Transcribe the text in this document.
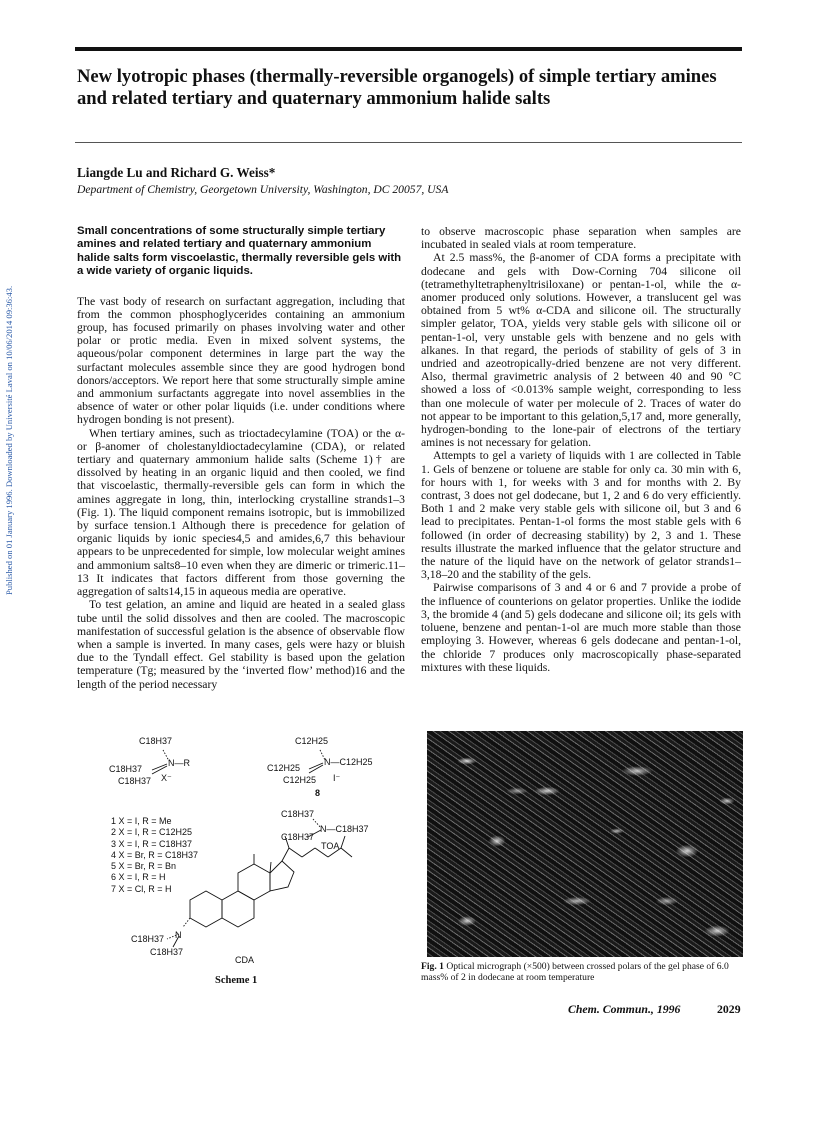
Published on 01 January 1996. Downloaded by Université Laval on 10/06/2014 09:36:43.
New lyotropic phases (thermally-reversible organogels) of simple tertiary amines and related tertiary and quaternary ammonium halide salts
Liangde Lu and Richard G. Weiss*
Department of Chemistry, Georgetown University, Washington, DC 20057, USA

Small concentrations of some structurally simple tertiary amines and related tertiary and quaternary ammonium halide salts form viscoelastic, thermally reversible gels with a wide variety of organic liquids.

The vast body of research on surfactant aggregation, including that from the common phosphoglycerides containing an ammonium group, has focused primarily on phases involving water and other polar or protic media. Even in mixed solvent systems, the aqueous/polar component determines in large part the way the surfactant molecules assemble since they are good hydrogen bond donors/acceptors. We report here that some structurally simple amine and ammonium surfactants aggregate into novel assemblies in the absence of water or other polar liquids (i.e. under conditions where hydrogen bonding is not present).

When tertiary amines, such as trioctadecylamine (TOA) or the α- or β-anomer of cholestanyldioctadecylamine (CDA), or related tertiary and quaternary ammonium halide salts (Scheme 1)† are dissolved by heating in an organic liquid and then cooled, we find that viscoelastic, thermally-reversible gels can form in which the amines aggregate in long, thin, interlocking crystalline strands1–3 (Fig. 1). The liquid component remains isotropic, but is immobilized by surface tension.1 Although there is precedence for gelation of organic liquids by ionic species4,5 and amides,6,7 this behaviour appears to be unprecedented for simple, low molecular weight amines and ammonium salts8–10 even when they are dimeric or trimeric.11–13 It indicates that factors different from those governing the aggregation of salts14,15 in aqueous media are operative.

To test gelation, an amine and liquid are heated in a sealed glass tube until the solid dissolves and then are cooled. The macroscopic manifestation of successful gelation is the absence of observable flow when a sample is inverted. In many cases, gels were hazy or bluish due to the Tyndall effect. Gel stability is based upon the gelation temperature (Tg; measured by the ‘inverted flow’ method)16 and the length of the period necessary

to observe macroscopic phase separation when samples are incubated in sealed vials at room temperature.

At 2.5 mass%, the β-anomer of CDA forms a precipitate with dodecane and gels with Dow-Corning 704 silicone oil (tetramethyltetraphenyltrisiloxane) or pentan-1-ol, while the α-anomer produced only solutions. However, a translucent gel was obtained from 5 wt% α-CDA and silicone oil. The structurally simpler gelator, TOA, yields very stable gels with silicone oil or pentan-1-ol, very unstable gels with benzene and no gels with alkanes. In that regard, the periods of stability of gels of 3 in undried and azeotropically-dried benzene are not very different. Also, thermal gravimetric analysis of 2 between 40 and 90 °C showed a loss of <0.013% sample weight, corresponding to less than one molecule of water per molecule of 2. Traces of water do not appear to be important to this gelation,5,17 and, more generally, hydrogen-bonding to the lone-pair of electrons of the tertiary amines is not necessary for gelation.

Attempts to gel a variety of liquids with 1 are collected in Table 1. Gels of benzene or toluene are stable for only ca. 30 min with 6, for hours with 1, for weeks with 3 and for months with 2. By contrast, 3 does not gel dodecane, but 1, 2 and 6 do very efficiently. Both 1 and 2 make very stable gels with silicone oil, but 3 and 6 lead to precipitates. Pentan-1-ol forms the most stable gels with 6 followed (in order of decreasing stability) by 2, 3 and 1. These results illustrate the marked influence that the gelator structure and the nature of the liquid have on the network of gelator strands1–3,18–20 and the stability of the gels.

Pairwise comparisons of 3 and 4 or 6 and 7 provide a probe of the influence of counterions on gelator properties. Unlike the iodide 3, the bromide 4 (and 5) gels dodecane and silicone oil; its gels with toluene, benzene and pentan-1-ol are much more stable than those employing 3. However, whereas 6 gels dodecane and pentan-1-ol, the chloride 7 produces only macroscopically phase-separated mixtures with these liquids.

C18H37
C18H37
N—R
C18H37 X⁻
1 X = I, R = Me
2 X = I, R = C12H25
3 X = I, R = C18H37
4 X = Br, R = C18H37
5 X = Br, R = Bn
6 X = I, R = H
7 X = Cl, R = H
C12H25
C12H25
N—C12H25
C12H25 I⁻
8
C18H37
N—C18H37
C18H37
TOA
C18H37 N
C18H37
CDA
Scheme 1
Fig. 1 Optical micrograph (×500) between crossed polars of the gel phase of 6.0 mass% of 2 in dodecane at room temperature
Chem. Commun., 1996	2029
